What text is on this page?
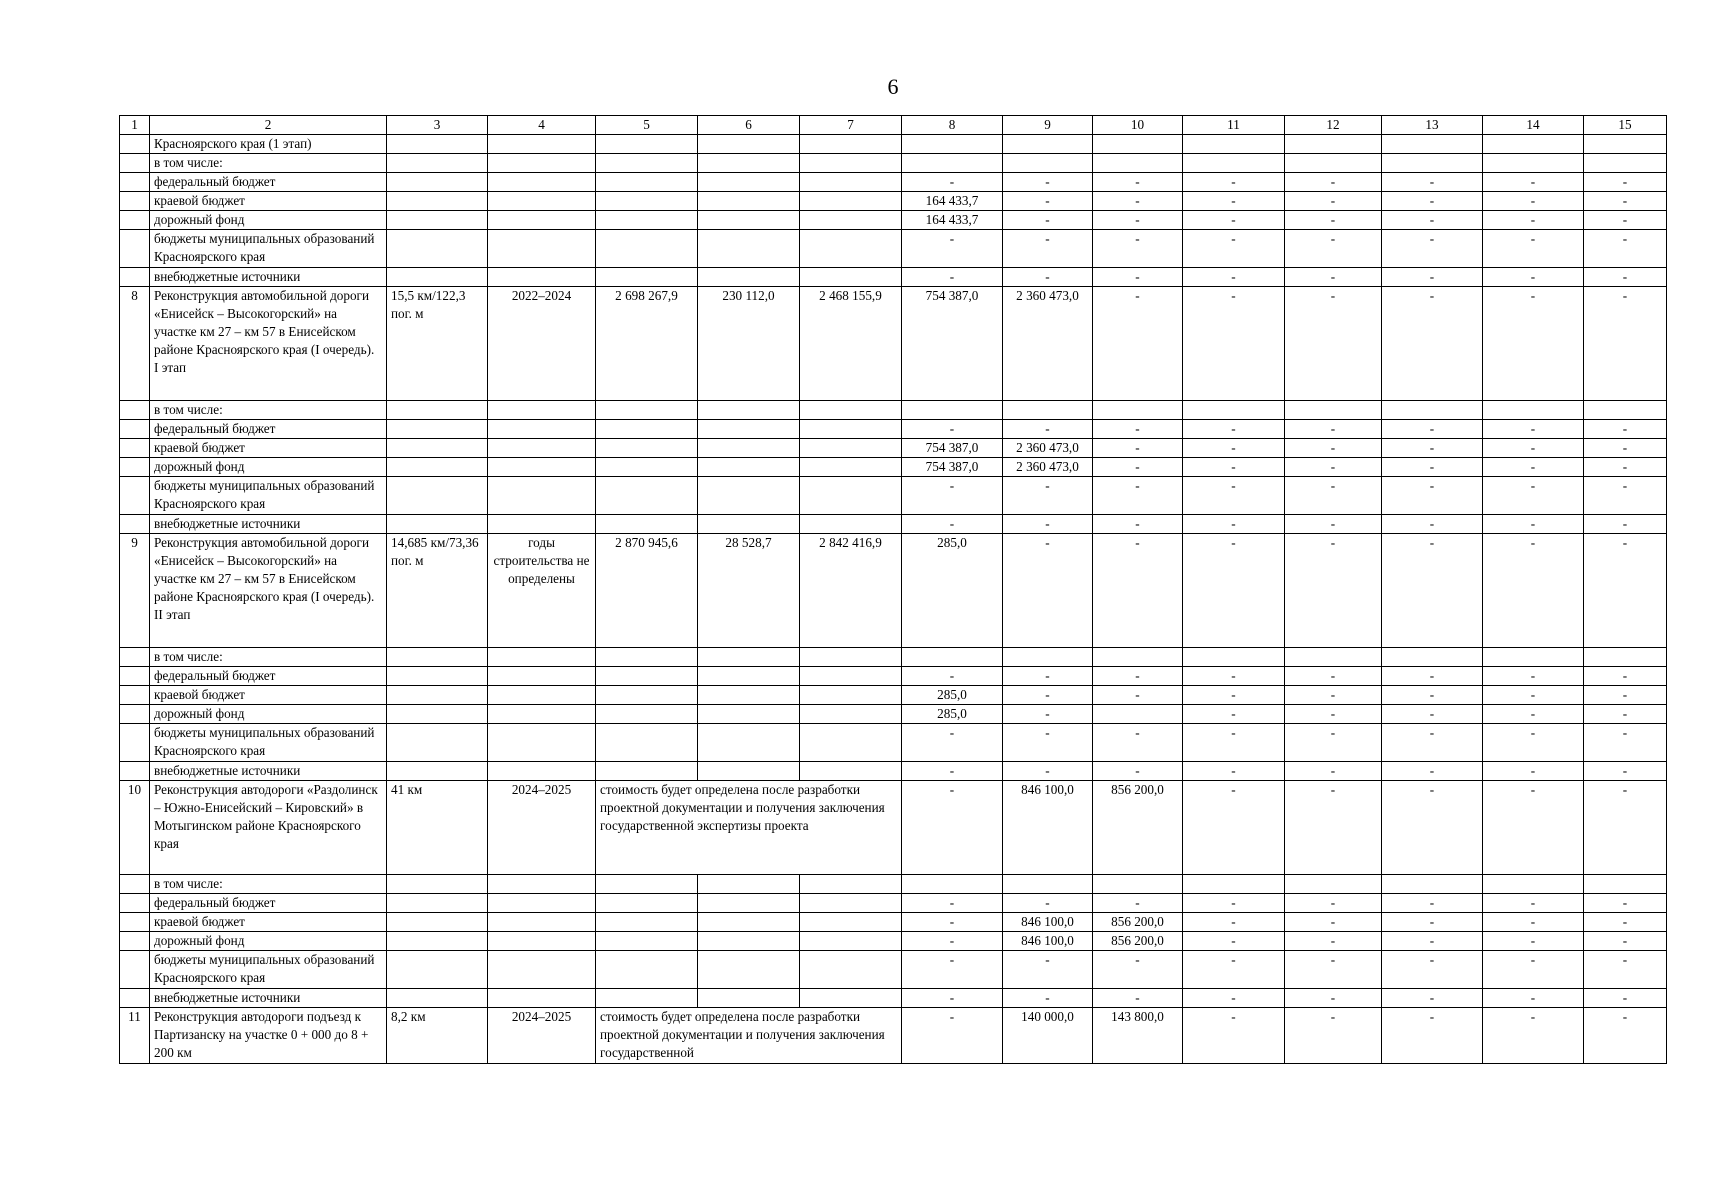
6
1	2	3	4	5	6	7	8	9	10	11	12	13	14	15
	Красноярского края (1 этап)													
	в том числе:													
	федеральный бюджет						-	-	-	-	-	-	-	-
	краевой бюджет						164 433,7	-	-	-	-	-	-	-
	дорожный фонд						164 433,7	-	-	-	-	-	-	-
	бюджеты муниципальных образований Красноярского края						-	-	-	-	-	-	-	-
	внебюджетные источники						-	-	-	-	-	-	-	-
8	Реконструкция автомобильной дороги «Енисейск – Высокогорский» на участке км 27 – км 57 в Енисейском районе Красноярского края (I очередь). I этап	15,5 км/122,3 пог. м	2022–2024	2 698 267,9	230 112,0	2 468 155,9	754 387,0	2 360 473,0	-	-	-	-	-	-
	в том числе:													
	федеральный бюджет						-	-	-	-	-	-	-	-
	краевой бюджет						754 387,0	2 360 473,0	-	-	-	-	-	-
	дорожный фонд						754 387,0	2 360 473,0	-	-	-	-	-	-
	бюджеты муниципальных образований Красноярского края						-	-	-	-	-	-	-	-
	внебюджетные источники						-	-	-	-	-	-	-	-
9	Реконструкция автомобильной дороги «Енисейск – Высокогорский» на участке км 27 – км 57 в Енисейском районе Красноярского края (I очередь). II этап	14,685 км/73,36 пог. м	годы строительства не определены	2 870 945,6	28 528,7	2 842 416,9	285,0	-	-	-	-	-	-	-
	в том числе:													
	федеральный бюджет						-	-	-	-	-	-	-	-
	краевой бюджет						285,0	-	-	-	-	-	-	-
	дорожный фонд						285,0	-		-	-	-	-	-
	бюджеты муниципальных образований Красноярского края						-	-	-	-	-	-	-	-
	внебюджетные источники						-	-	-	-	-	-	-	-
10	Реконструкция автодороги «Раздолинск – Южно-Енисейский – Кировский» в Мотыгинском районе Красноярского края	41 км	2024–2025	стоимость будет определена после разработки проектной документации и получения заключения государственной экспертизы проекта			-	846 100,0	856 200,0	-	-	-	-	-
	в том числе:													
	федеральный бюджет						-	-	-	-	-	-	-	-
	краевой бюджет						-	846 100,0	856 200,0	-	-	-	-	-
	дорожный фонд						-	846 100,0	856 200,0	-	-	-	-	-
	бюджеты муниципальных образований Красноярского края						-	-	-	-	-	-	-	-
	внебюджетные источники						-	-	-	-	-	-	-	-
11	Реконструкция автодороги подъезд к Партизанску на участке 0 + 000 до 8 + 200 км	8,2 км	2024–2025	стоимость будет определена после разработки проектной документации и получения заключения государственной			-	140 000,0	143 800,0	-	-	-	-	-
